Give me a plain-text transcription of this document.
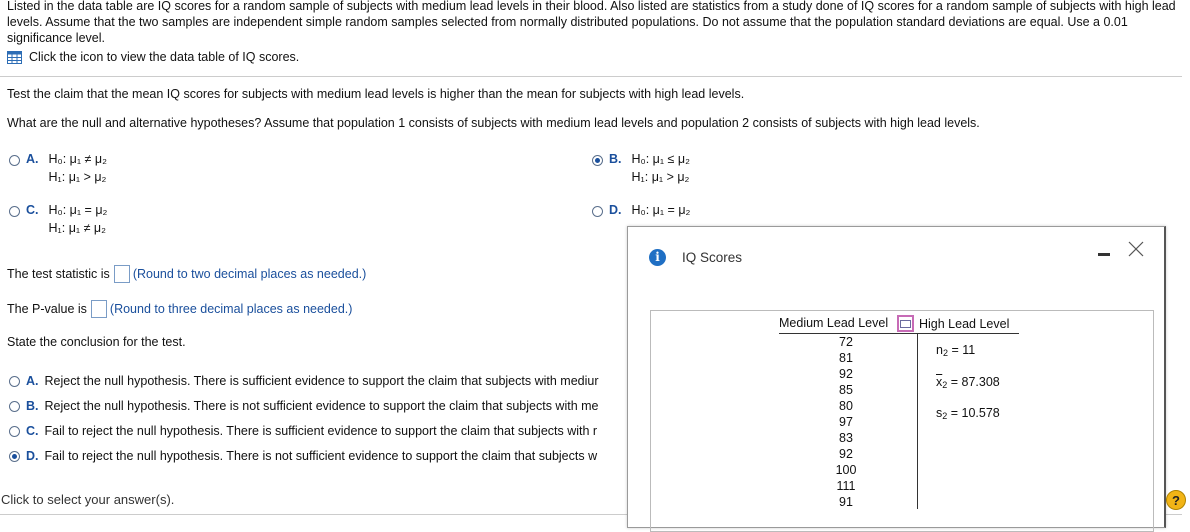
Listed in the data table are IQ scores for a random sample of subjects with medium lead levels in their blood. Also listed are statistics from a study done of IQ scores for a random sample of subjects with high lead levels. Assume that the two samples are independent simple random samples selected from normally distributed populations. Do not assume that the population standard deviations are equal. Use a 0.01 significance level.
Click the icon to view the data table of IQ scores.
Test the claim that the mean IQ scores for subjects with medium lead levels is higher than the mean for subjects with high lead levels.
What are the null and alternative hypotheses? Assume that population 1 consists of subjects with medium lead levels and population 2 consists of subjects with high lead levels.
A. H₀: μ₁ ≠ μ₂
H₁: μ₁ > μ₂
B. H₀: μ₁ ≤ μ₂
H₁: μ₁ > μ₂
C. H₀: μ₁ = μ₂
H₁: μ₁ ≠ μ₂
D. H₀: μ₁ = μ₂
The test statistic is (Round to two decimal places as needed.)
The P-value is (Round to three decimal places as needed.)
State the conclusion for the test.
A. Reject the null hypothesis. There is sufficient evidence to support the claim that subjects with mediur
B. Reject the null hypothesis. There is not sufficient evidence to support the claim that subjects with me
C. Fail to reject the null hypothesis. There is sufficient evidence to support the claim that subjects with r
D. Fail to reject the null hypothesis. There is not sufficient evidence to support the claim that subjects w
Click to select your answer(s).
i	IQ Scores
Medium Lead Level High Lead Level
72
81
92
85
80
97
83
92
100
111
91
$n_2 = 11$
$\overline{x}_2 = 87.308$
$s_2 = 10.578$
?
